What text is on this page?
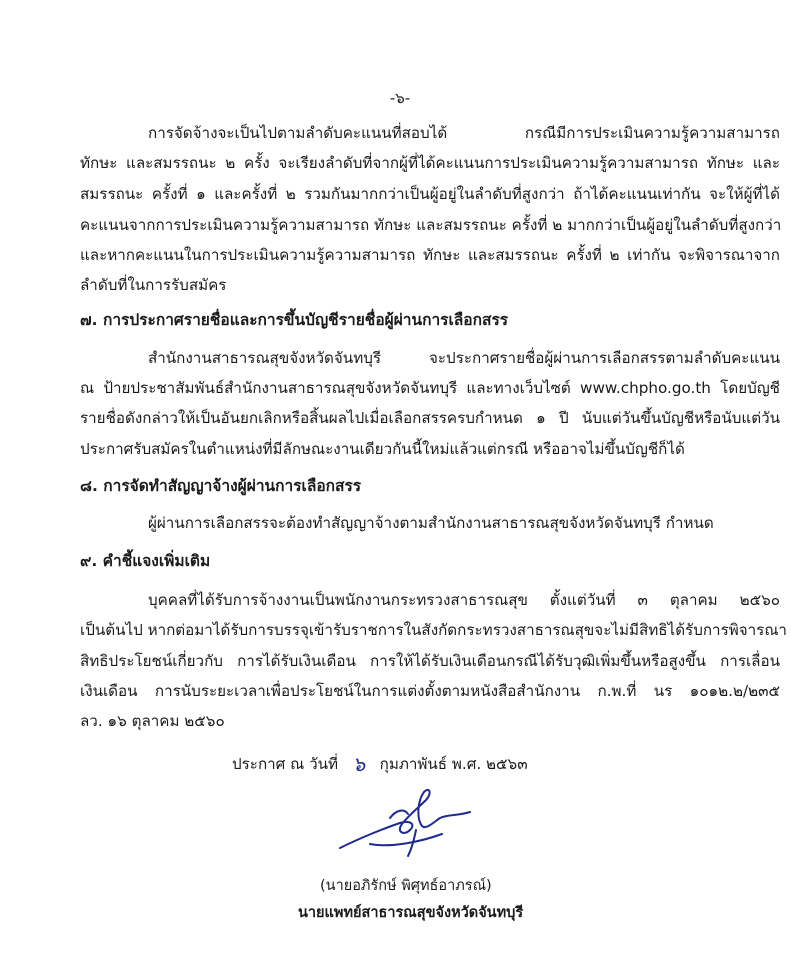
-๖-
การจัดจ้างจะเป็นไปตามลำดับคะแนนที่สอบได้ กรณีมีการประเมินความรู้ความสามารถ
ทักษะ และสมรรถนะ ๒ ครั้ง จะเรียงลำดับที่จากผู้ที่ได้คะแนนการประเมินความรู้ความสามารถ ทักษะ และ
สมรรถนะ ครั้งที่ ๑ และครั้งที่ ๒ รวมกันมากกว่าเป็นผู้อยู่ในลำดับที่สูงกว่า ถ้าได้คะแนนเท่ากัน จะให้ผู้ที่ได้
คะแนนจากการประเมินความรู้ความสามารถ ทักษะ และสมรรถนะ ครั้งที่ ๒ มากกว่าเป็นผู้อยู่ในลำดับที่สูงกว่า
และหากคะแนนในการประเมินความรู้ความสามารถ ทักษะ และสมรรถนะ ครั้งที่ ๒ เท่ากัน จะพิจารณาจาก
ลำดับที่ในการรับสมัคร
๗. การประกาศรายชื่อและการขึ้นบัญชีรายชื่อผู้ผ่านการเลือกสรร
สำนักงานสาธารณสุขจังหวัดจันทบุรี จะประกาศรายชื่อผู้ผ่านการเลือกสรรตามลำดับคะแนน
ณ ป้ายประชาสัมพันธ์สำนักงานสาธารณสุขจังหวัดจันทบุรี และทางเว็บไซต์ www.chpho.go.th โดยบัญชี
รายชื่อดังกล่าวให้เป็นอันยกเลิกหรือสิ้นผลไปเมื่อเลือกสรรครบกำหนด ๑ ปี นับแต่วันขึ้นบัญชีหรือนับแต่วัน
ประกาศรับสมัครในตำแหน่งที่มีลักษณะงานเดียวกันนี้ใหม่แล้วแต่กรณี หรืออาจไม่ขึ้นบัญชีก็ได้
๘. การจัดทำสัญญาจ้างผู้ผ่านการเลือกสรร
ผู้ผ่านการเลือกสรรจะต้องทำสัญญาจ้างตามสำนักงานสาธารณสุขจังหวัดจันทบุรี กำหนด
๙. คำชี้แจงเพิ่มเติม
บุคคลที่ได้รับการจ้างงานเป็นพนักงานกระทรวงสาธารณสุข ตั้งแต่วันที่ ๓ ตุลาคม ๒๕๖๐
เป็นต้นไป หากต่อมาได้รับการบรรจุเข้ารับราชการในสังกัดกระทรวงสาธารณสุขจะไม่มีสิทธิได้รับการพิจารณา
สิทธิประโยชน์เกี่ยวกับ การได้รับเงินเดือน การให้ได้รับเงินเดือนกรณีได้รับวุฒิเพิ่มขึ้นหรือสูงขึ้น การเลื่อน
เงินเดือน การนับระยะเวลาเพื่อประโยชน์ในการแต่งตั้งตามหนังสือสำนักงาน ก.พ.ที่ นร ๑๐๑๒.๒/๒๓๕
ลว. ๑๖ ตุลาคม ๒๕๖๐
ประกาศ ณ วันที่ ๖ กุมภาพันธ์ พ.ศ. ๒๕๖๓
(นายอภิรักษ์ พิศุทธ์อาภรณ์)
นายแพทย์สาธารณสุขจังหวัดจันทบุรี
